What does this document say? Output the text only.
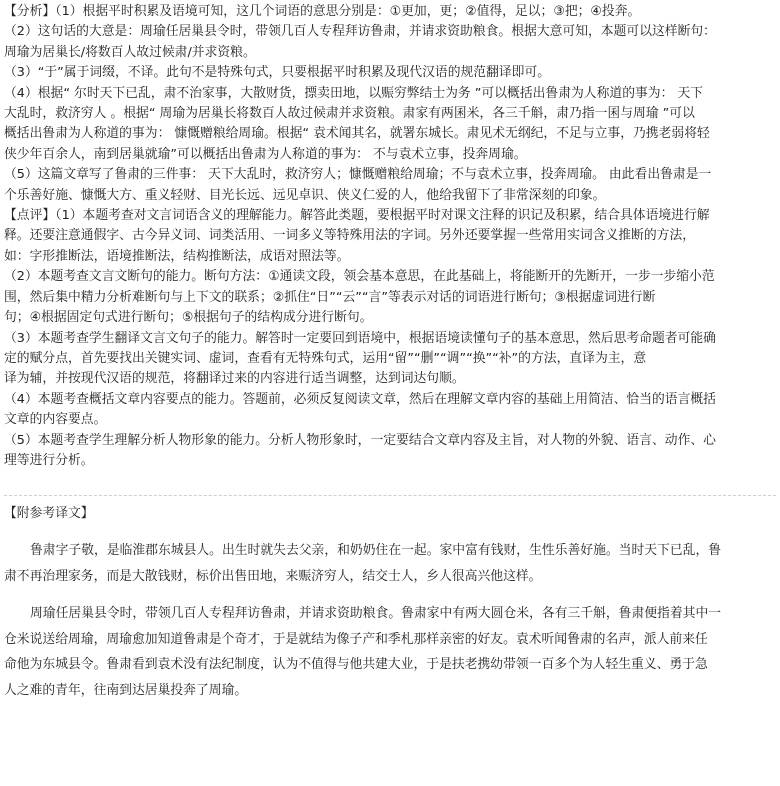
【分析】（1）根据平时积累及语境可知，这几个词语的意思分别是：①更加，更；②值得，足以；③把；④投奔。

（2）这句话的大意是：周瑜任居巢县令时，带领几百人专程拜访鲁肃，并请求资助粮食。根据大意可知，本题可以这样断句：

周瑜为居巢长/将数百人故过候肃/并求资粮。

（3）“于”属于词缀，不译。此句不是特殊句式，只要根据平时积累及现代汉语的规范翻译即可。

（4）根据“ 尔时天下已乱，肃不治家事，大散财货，摽卖田地，以赈穷弊结士为务 ”可以概括出鲁肃为人称道的事为： 天下

大乱时，救济穷人 。根据“ 周瑜为居巢长将数百人故过候肃并求资粮。肃家有两囷米，各三千斛，肃乃指一囷与周瑜 ”可以

概括出鲁肃为人称道的事为： 慷慨赠粮给周瑜。根据“ 袁术闻其名，就署东城长。肃见术无纲纪，不足与立事，乃携老弱将轻

侠少年百余人，南到居巢就瑜”可以概括出鲁肃为人称道的事为： 不与袁术立事，投奔周瑜。

（5）这篇文章写了鲁肃的三件事： 天下大乱时，救济穷人；慷慨赠粮给周瑜；不与袁术立事，投奔周瑜。 由此看出鲁肃是一

个乐善好施、慷慨大方、重义轻财、目光长远、远见卓识、侠义仁爱的人，他给我留下了非常深刻的印象。

【点评】（1）本题考查对文言词语含义的理解能力。解答此类题，要根据平时对课文注释的识记及积累，结合具体语境进行解

释。还要注意通假字、古今异义词、词类活用、一词多义等特殊用法的字词。另外还要掌握一些常用实词含义推断的方法，

如：字形推断法，语境推断法，结构推断法，成语对照法等。

（2）本题考查文言文断句的能力。断句方法：①通读文段，领会基本意思，在此基础上，将能断开的先断开，一步一步缩小范

围，然后集中精力分析难断句与上下文的联系；②抓住“日”“云”“言”等表示对话的词语进行断句；③根据虚词进行断

句；④根据固定句式进行断句；⑤根据句子的结构成分进行断句。

（3）本题考查学生翻译文言文句子的能力。解答时一定要回到语境中，根据语境读懂句子的基本意思，然后思考命题者可能确

定的赋分点，首先要找出关键实词、虚词，查看有无特殊句式，运用“留”“删”“调”“换”“补”的方法，直译为主，意

译为辅，并按现代汉语的规范，将翻译过来的内容进行适当调整，达到词达句顺。

（4）本题考查概括文章内容要点的能力。答题前，必须反复阅读文章，然后在理解文章内容的基础上用简洁、恰当的语言概括

文章的内容要点。

（5）本题考查学生理解分析人物形象的能力。分析人物形象时，一定要结合文章内容及主旨，对人物的外貌、语言、动作、心

理等进行分析。

【附参考译文】
鲁肃字子敬，是临淮郡东城县人。出生时就失去父亲，和奶奶住在一起。家中富有钱财，生性乐善好施。当时天下已乱，鲁
肃不再治理家务，而是大散钱财，标价出售田地，来赈济穷人，结交士人，乡人很高兴他这样。
周瑜任居巢县令时，带领几百人专程拜访鲁肃，并请求资助粮食。鲁肃家中有两大圆仓米，各有三千斛，鲁肃便指着其中一
仓米说送给周瑜，周瑜愈加知道鲁肃是个奇才，于是就结为像子产和季札那样亲密的好友。袁术听闻鲁肃的名声，派人前来任
命他为东城县令。鲁肃看到袁术没有法纪制度，认为不值得与他共建大业，于是扶老携幼带领一百多个为人轻生重义、勇于急
人之难的青年，往南到达居巢投奔了周瑜。
